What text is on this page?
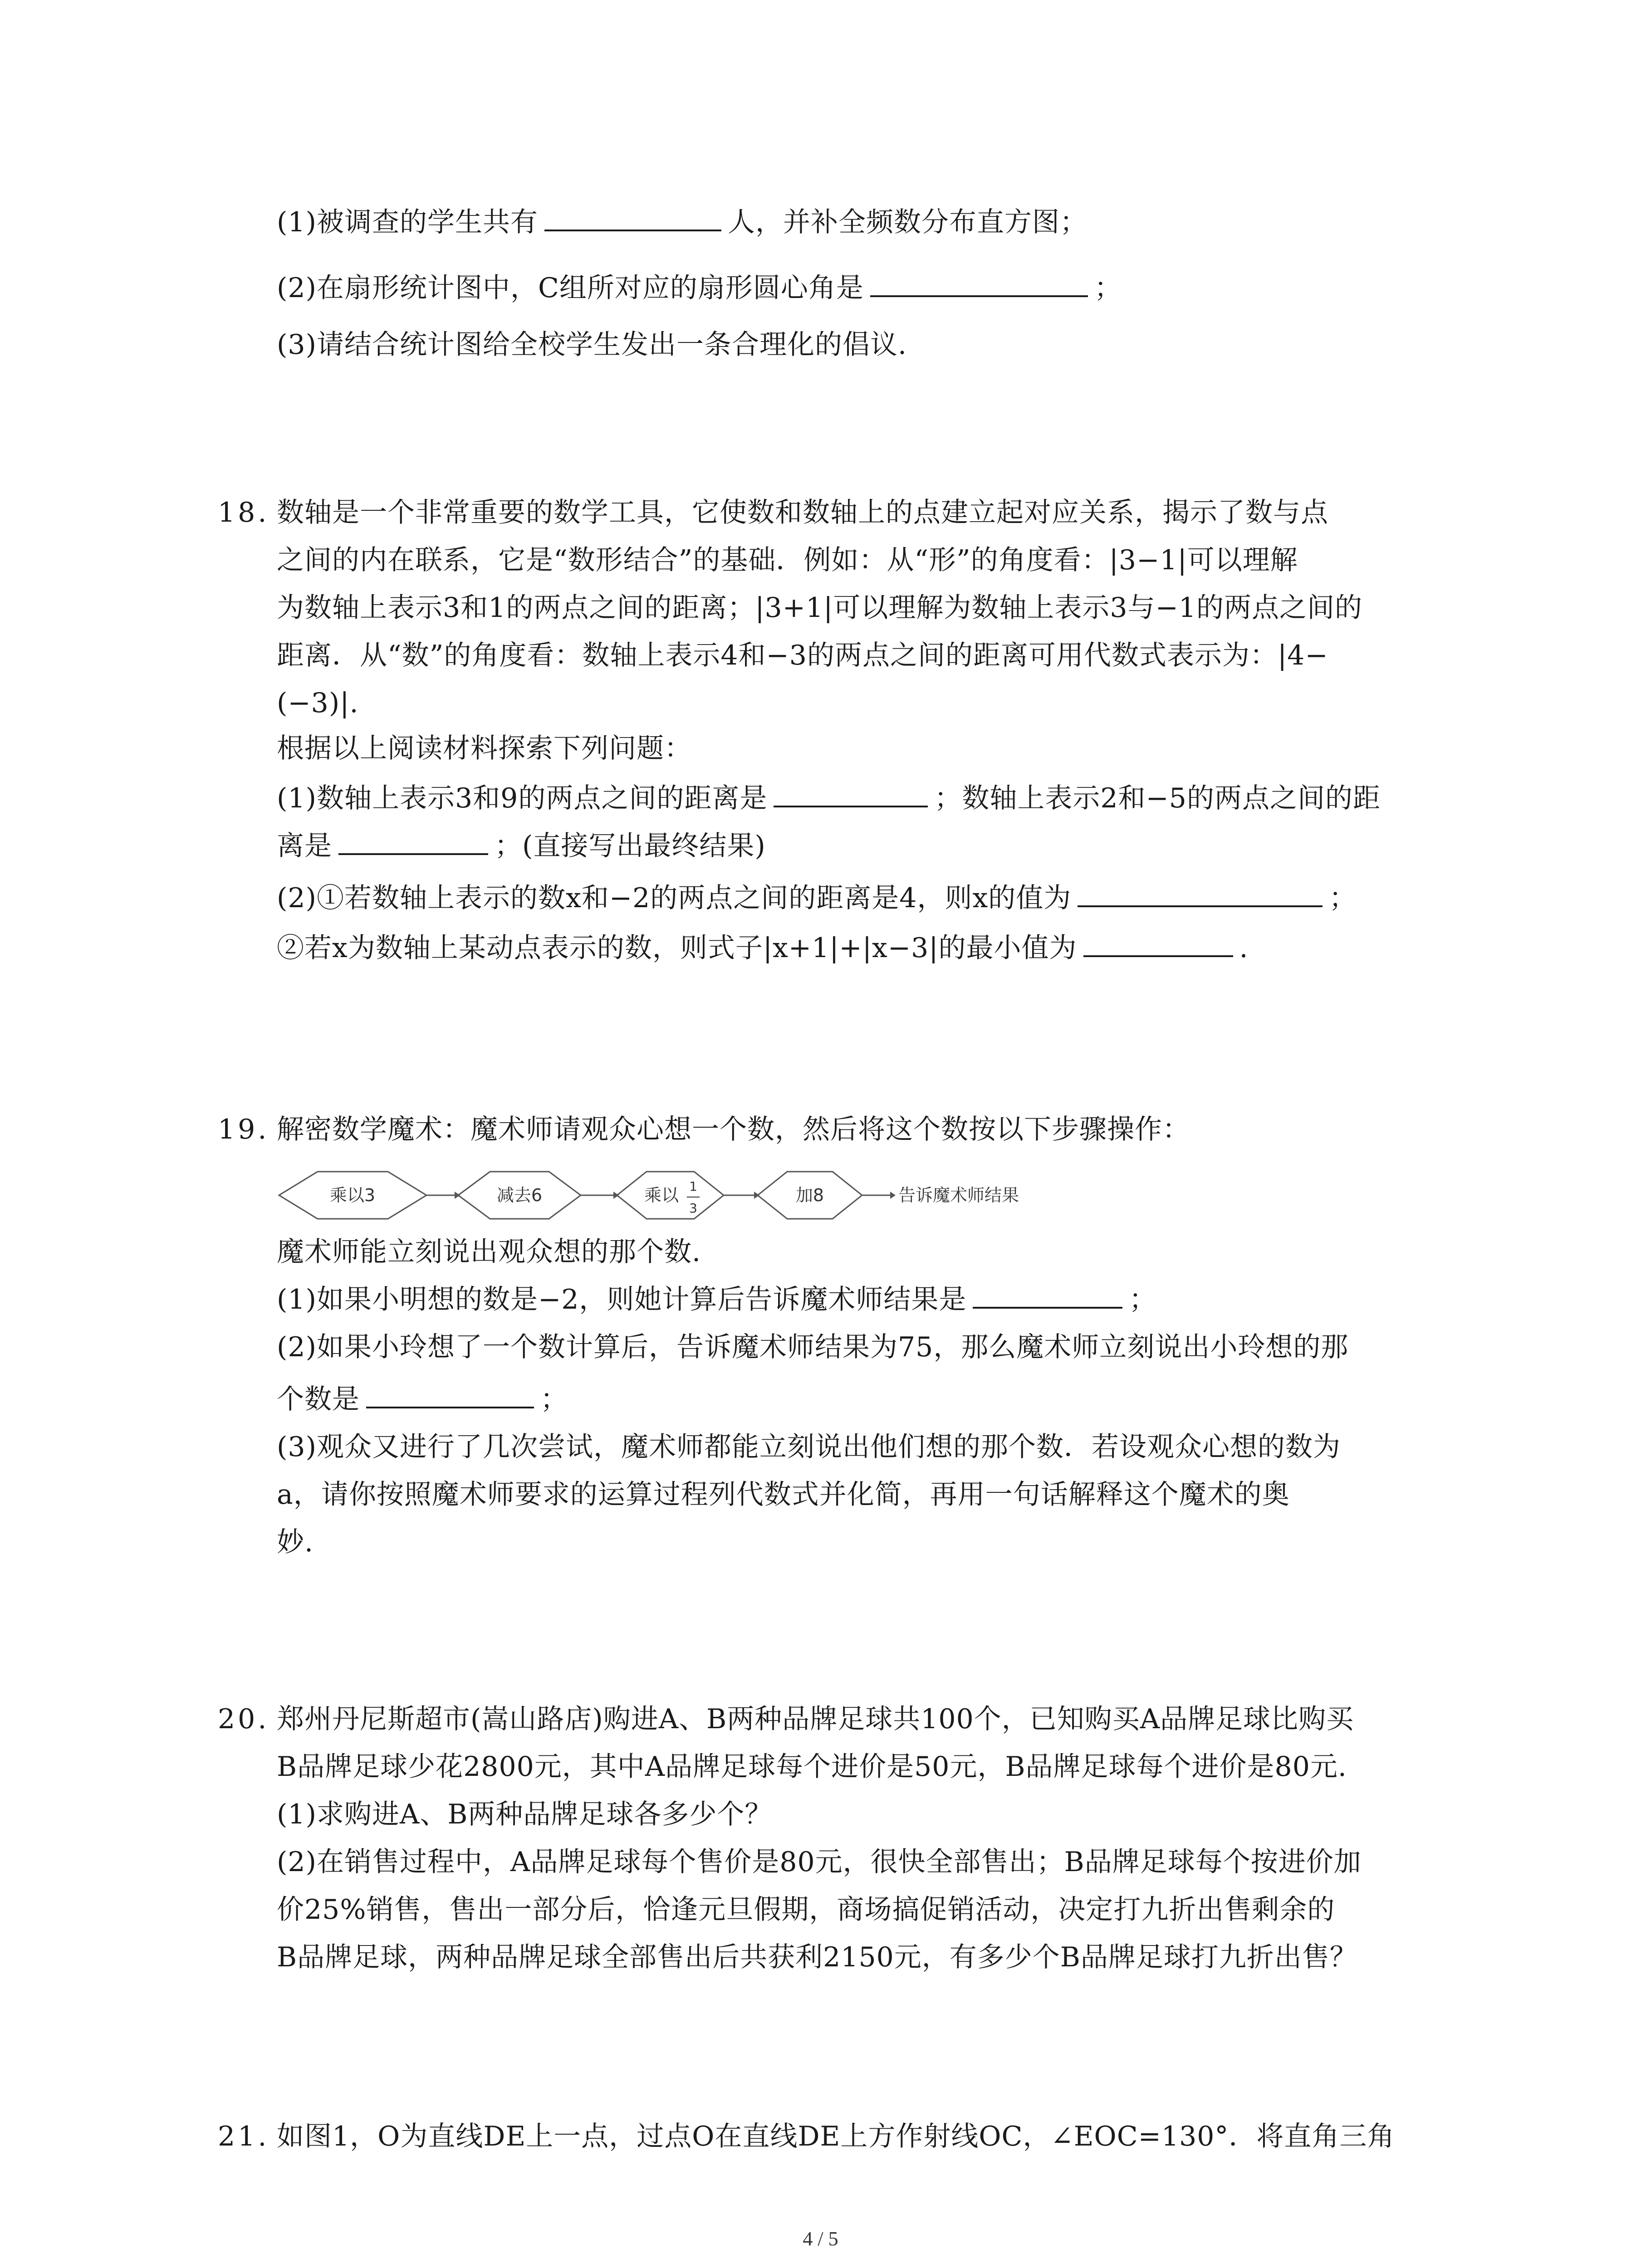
(1)被调查的学生共有	人，并补全频数分布直方图；
(2)在扇形统计图中，C组所对应的扇形圆心角是	；
(3)请结合统计图给全校学生发出一条合理化的倡议.
18. 数轴是一个非常重要的数学工具，它使数和数轴上的点建立起对应关系，揭示了数与点
之间的内在联系，它是“数形结合”的基础．例如：从“形”的角度看：|3−1|可以理解
为数轴上表示3和1的两点之间的距离；|3+1|可以理解为数轴上表示3与−1的两点之间的
距离．从“数”的角度看：数轴上表示4和−3的两点之间的距离可用代数式表示为：|4−
(−3)|.
根据以上阅读材料探索下列问题：
(1)数轴上表示3和9的两点之间的距离是	；数轴上表示2和−5的两点之间的距
离是	；(直接写出最终结果)
(2)①若数轴上表示的数x和−2的两点之间的距离是4，则x的值为	；
②若x为数轴上某动点表示的数，则式子|x+1|+|x−3|的最小值为	.
19. 解密数学魔术：魔术师请观众心想一个数，然后将这个数按以下步骤操作：
乘以3	减去6	乘以 1
3
加8	告诉魔术师结果
魔术师能立刻说出观众想的那个数.
(1)如果小明想的数是−2，则她计算后告诉魔术师结果是	；
(2)如果小玲想了一个数计算后，告诉魔术师结果为75，那么魔术师立刻说出小玲想的那
个数是	；
(3)观众又进行了几次尝试，魔术师都能立刻说出他们想的那个数．若设观众心想的数为
a，请你按照魔术师要求的运算过程列代数式并化简，再用一句话解释这个魔术的奥
妙.
20. 郑州丹尼斯超市(嵩山路店)购进A、B两种品牌足球共100个，已知购买A品牌足球比购买
B品牌足球少花2800元，其中A品牌足球每个进价是50元，B品牌足球每个进价是80元.
(1)求购进A、B两种品牌足球各多少个？
(2)在销售过程中，A品牌足球每个售价是80元，很快全部售出；B品牌足球每个按进价加
价25%销售，售出一部分后，恰逢元旦假期，商场搞促销活动，决定打九折出售剩余的
B品牌足球，两种品牌足球全部售出后共获利2150元，有多少个B品牌足球打九折出售？
21. 如图1，O为直线DE上一点，过点O在直线DE上方作射线OC，∠EOC=130°．将直角三角
4 / 5
